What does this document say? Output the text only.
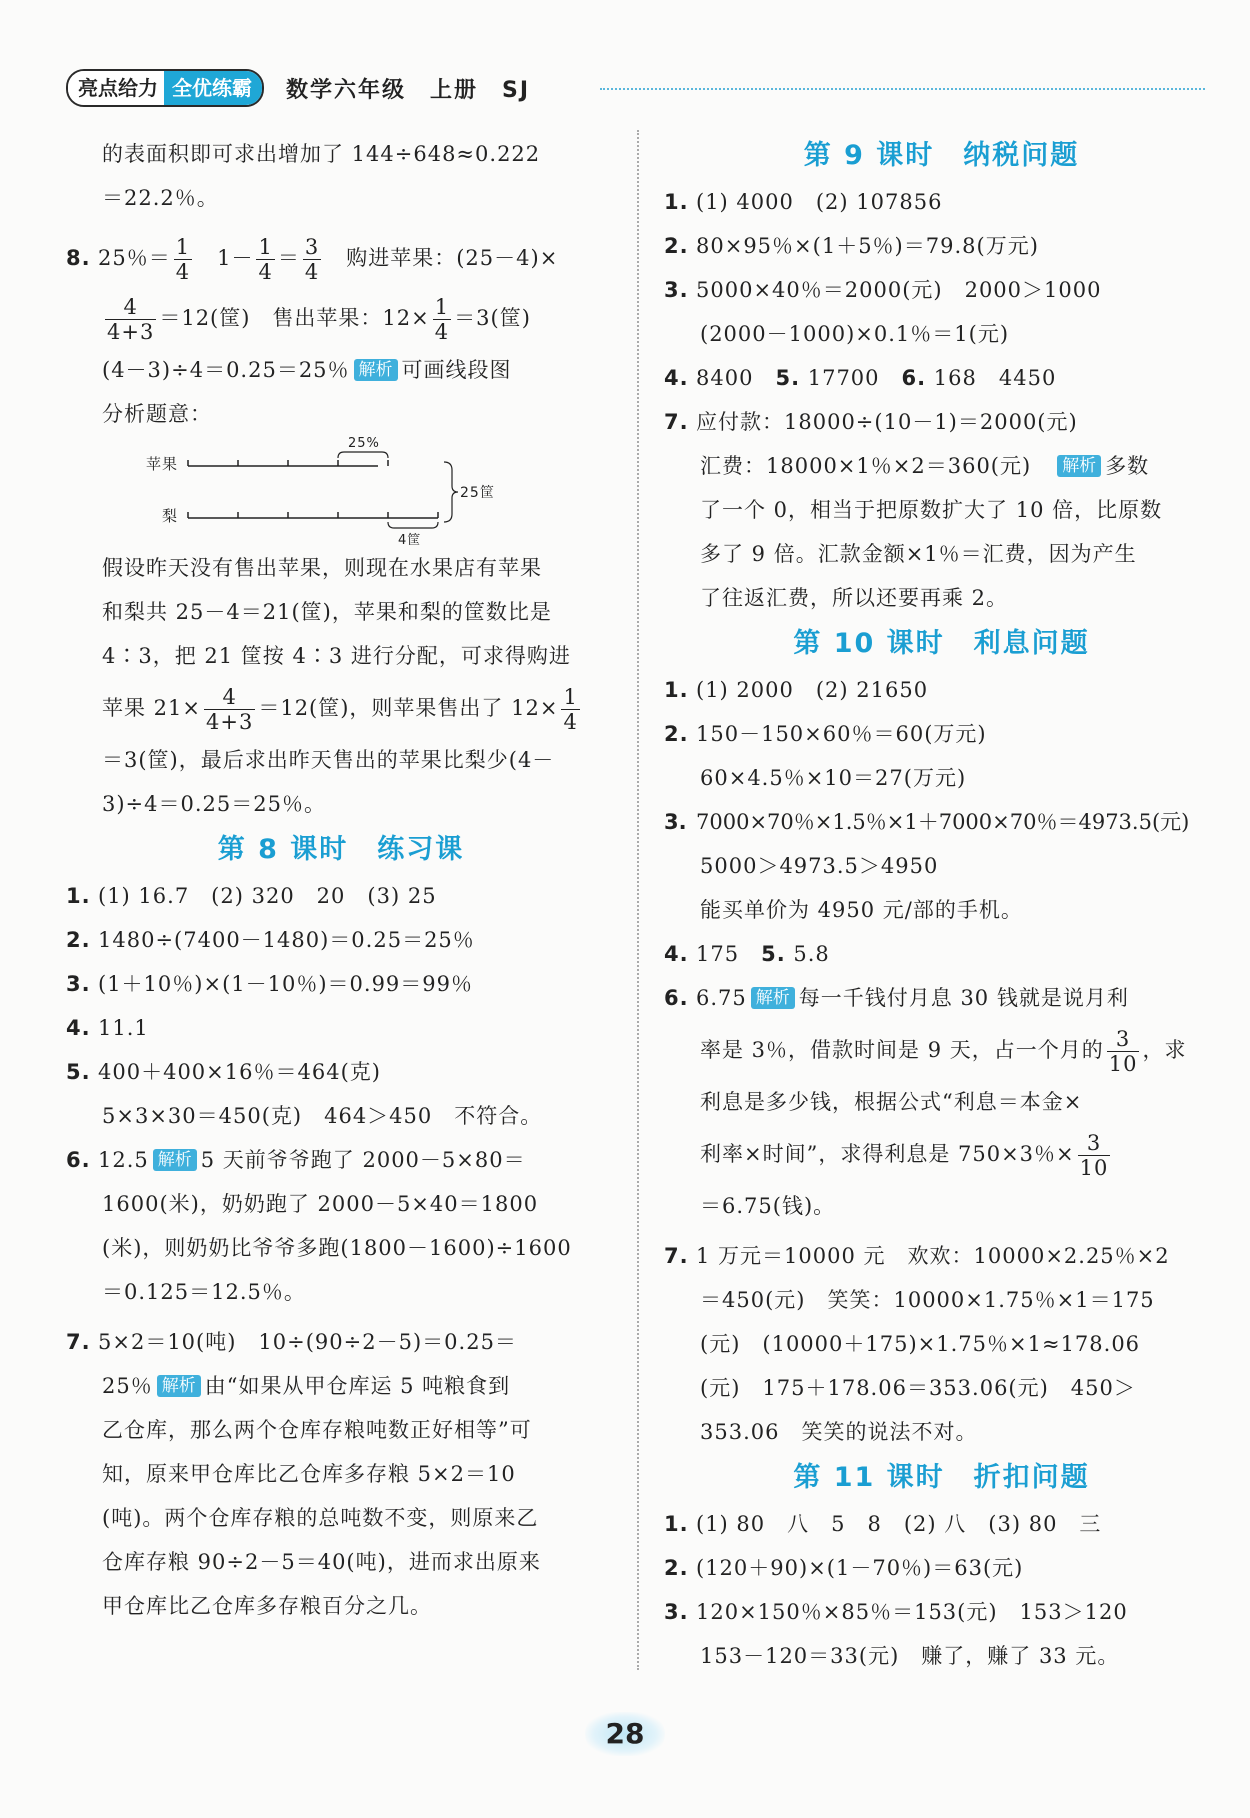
亮点给力 全优练霸	数学六年级　上册　SJ
的表面积即可求出增加了 144÷648≈0.222
＝22.2％。
8. 25％＝ $\frac{1}{4}$
　 $1- \frac{1}{4} = \frac{3}{4}$
　 购进苹果：(25－4)×
$\frac{4}{4+3} =12$(筐)　售出苹果：$12\times \frac{1}{4} =3$(筐)
(4－3)÷4＝0.25＝25％ 解析 可画线段图
分析题意：
苹果
25%
梨
4筐
25筐
假设昨天没有售出苹果，则现在水果店有苹果
和梨共 25－4＝21(筐)，苹果和梨的筐数比是
4∶3，把 21 筐按 4∶3 进行分配，可求得购进
苹果 $21\times \frac{4}{4+3} =12$(筐)，则苹果售出了 $12\times \frac{1}{4}$
＝3(筐)，最后求出昨天售出的苹果比梨少(4－
3)÷4＝0.25＝25％。
第 8 课时　练习课
1. (1) 16.7　(2) 320　20　(3) 25
2. 1480÷(7400－1480)＝0.25＝25％
3. (1＋10％)×(1－10％)＝0.99＝99％
4. 11.1
5. 400＋400×16％＝464(克)
5×3×30＝450(克)　464＞450　不符合。
6. 12.5 解析 5 天前爷爷跑了 2000－5×80＝
1600(米)，奶奶跑了 2000－5×40＝1800
(米)，则奶奶比爷爷多跑(1800－1600)÷1600
＝0.125＝12.5％。
7. 5×2＝10(吨)　10÷(90÷2－5)＝0.25＝
25％ 解析 由“如果从甲仓库运 5 吨粮食到
乙仓库，那么两个仓库存粮吨数正好相等”可
知，原来甲仓库比乙仓库多存粮 5×2＝10
(吨)。两个仓库存粮的总吨数不变，则原来乙
仓库存粮 90÷2－5＝40(吨)，进而求出原来
甲仓库比乙仓库多存粮百分之几。
第 9 课时　纳税问题
1. (1) 4000　(2) 107856
2. 80×95％×(1＋5％)＝79.8(万元)
3. 5000×40％＝2000(元)　2000＞1000
(2000－1000)×0.1％＝1(元)
4. 8400　5. 17700　6. 168　4450
7. 应付款：18000÷(10－1)＝2000(元)
汇费：18000×1％×2＝360(元)　 解析 多数
了一个 0，相当于把原数扩大了 10 倍，比原数
多了 9 倍。汇款金额×1％＝汇费，因为产生
了往返汇费，所以还要再乘 2。
第 10 课时　利息问题
1. (1) 2000　(2) 21650
2. 150－150×60％＝60(万元)
60×4.5％×10＝27(万元)
3. 7000×70％×1.5％×1＋7000×70％＝4973.5(元)
5000＞4973.5＞4950
能买单价为 4950 元/部的手机。
4. 175　5. 5.8
6. 6.75 解析 每一千钱付月息 30 钱就是说月利
率是 3％，借款时间是 9 天，占一个月的 $\frac{3}{10}$ ，求
利息是多少钱，根据公式“利息＝本金×
利率×时间”，求得利息是 750×3％× $\frac{3}{10}$
＝6.75(钱)。
7. 1 万元＝10000 元　欢欢：10000×2.25％×2
＝450(元)　笑笑：10000×1.75％×1＝175
(元)　(10000＋175)×1.75％×1≈178.06
(元)　175＋178.06＝353.06(元)　450＞
353.06　笑笑的说法不对。
第 11 课时　折扣问题
1. (1) 80　八　5　8　(2) 八　(3) 80　三
2. (120＋90)×(1－70％)＝63(元)
3. 120×150％×85％＝153(元)　153＞120
153－120＝33(元)　赚了，赚了 33 元。
28
